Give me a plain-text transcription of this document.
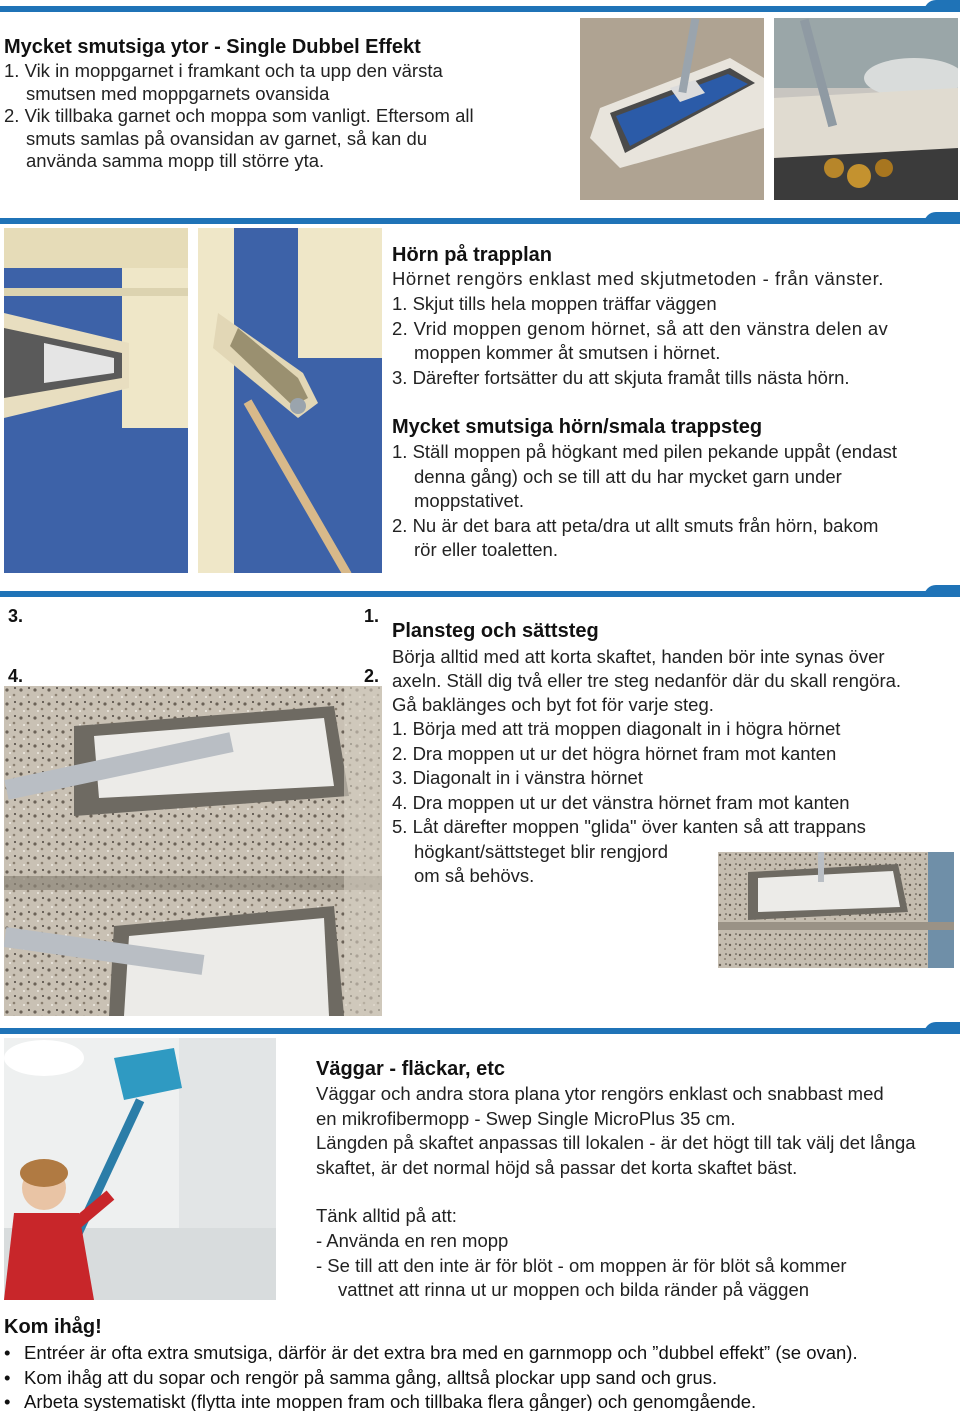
Mycket smutsiga ytor - Single Dubbel Effekt
1. Vik in moppgarnet i framkant och ta upp den värsta
smutsen med moppgarnets ovansida
2. Vik tillbaka garnet och moppa som vanligt. Eftersom all
smuts samlas på ovansidan av garnet, så kan du
använda samma mopp till större yta.
Hörn på trapplan
Hörnet rengörs enklast med skjutmetoden - från vänster.
1. Skjut tills hela moppen träffar väggen
2. Vrid moppen genom hörnet, så att den vänstra delen av
moppen kommer åt smutsen i hörnet.
3. Därefter fortsätter du att skjuta framåt tills nästa hörn.
Mycket smutsiga hörn/smala trappsteg
1. Ställ moppen på högkant med pilen pekande uppåt (endast
denna gång) och se till att du har mycket garn under
moppstativet.
2. Nu är det bara att peta/dra ut allt smuts från hörn, bakom
rör eller toaletten.
3.	1.
4.	2.
Plansteg och sättsteg
Börja alltid med att korta skaftet, handen bör inte synas över
axeln. Ställ dig två eller tre steg nedanför där du skall rengöra.
Gå baklänges och byt fot för varje steg.
1. Börja med att trä moppen diagonalt in i högra hörnet
2. Dra moppen ut ur det högra hörnet fram mot kanten
3. Diagonalt in i vänstra hörnet
4. Dra moppen ut ur det vänstra hörnet fram mot kanten
5. Låt därefter moppen "glida" över kanten så att trappans
högkant/sättsteget blir rengjord
om så behövs.
Väggar - fläckar, etc
Väggar och andra stora plana ytor rengörs enklast och snabbast med
en mikrofibermopp - Swep Single MicroPlus 35 cm.
Längden på skaftet anpassas till lokalen - är det högt till tak välj det långa
skaftet, är det normal höjd så passar det korta skaftet bäst.
Tänk alltid på att:
- Använda en ren mopp
- Se till att den inte är för blöt - om moppen är för blöt så kommer
vattnet att rinna ut ur moppen och bilda ränder på väggen
Kom ihåg!
• Entréer är ofta extra smutsiga, därför är det extra bra med en garnmopp och ”dubbel effekt” (se ovan).
• Kom ihåg att du sopar och rengör på samma gång, alltså plockar upp sand och grus.
• Arbeta systematiskt (flytta inte moppen fram och tillbaka flera gånger) och genomgående.
